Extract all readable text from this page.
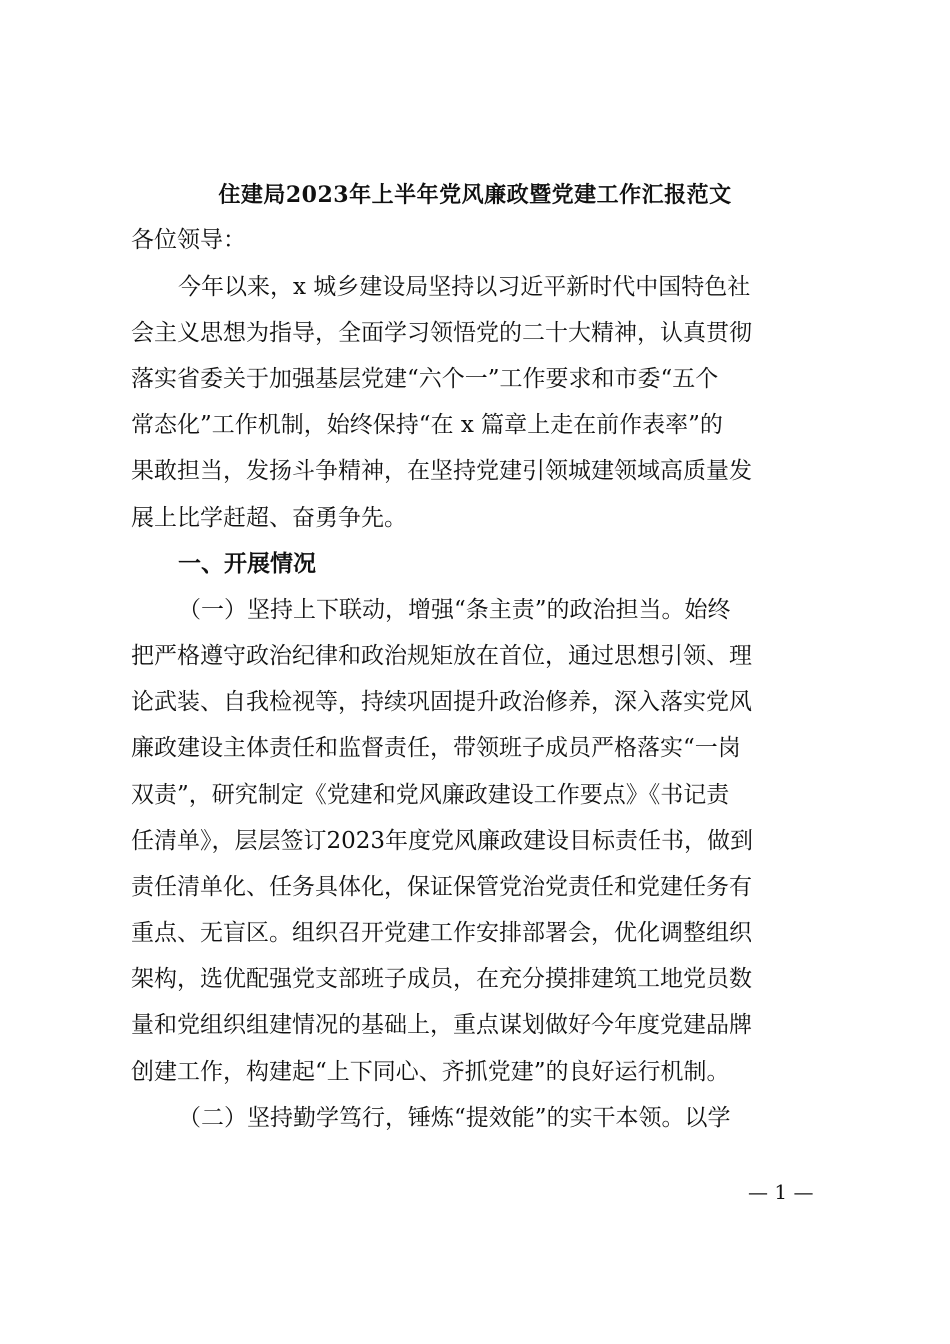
住建局2023年上半年党风廉政暨党建工作汇报范文
各位领导：
今年以来，x 城乡建设局坚持以习近平新时代中国特色社
会主义思想为指导，全面学习领悟党的二十大精神，认真贯彻
落实省委关于加强基层党建“六个一”工作要求和市委“五个
常态化”工作机制，始终保持“在 x 篇章上走在前作表率”的
果敢担当，发扬斗争精神，在坚持党建引领城建领域高质量发
展上比学赶超、奋勇争先。
一、开展情况
（一）坚持上下联动，增强“条主责”的政治担当。始终
把严格遵守政治纪律和政治规矩放在首位，通过思想引领、理
论武装、自我检视等，持续巩固提升政治修养，深入落实党风
廉政建设主体责任和监督责任，带领班子成员严格落实“一岗
双责”，研究制定《党建和党风廉政建设工作要点》《书记责
任清单》，层层签订2023年度党风廉政建设目标责任书，做到
责任清单化、任务具体化，保证保管党治党责任和党建任务有
重点、无盲区。组织召开党建工作安排部署会，优化调整组织
架构，选优配强党支部班子成员，在充分摸排建筑工地党员数
量和党组织组建情况的基础上，重点谋划做好今年度党建品牌
创建工作，构建起“上下同心、齐抓党建”的良好运行机制。
（二）坚持勤学笃行，锤炼“提效能”的实干本领。以学
— 1 —
